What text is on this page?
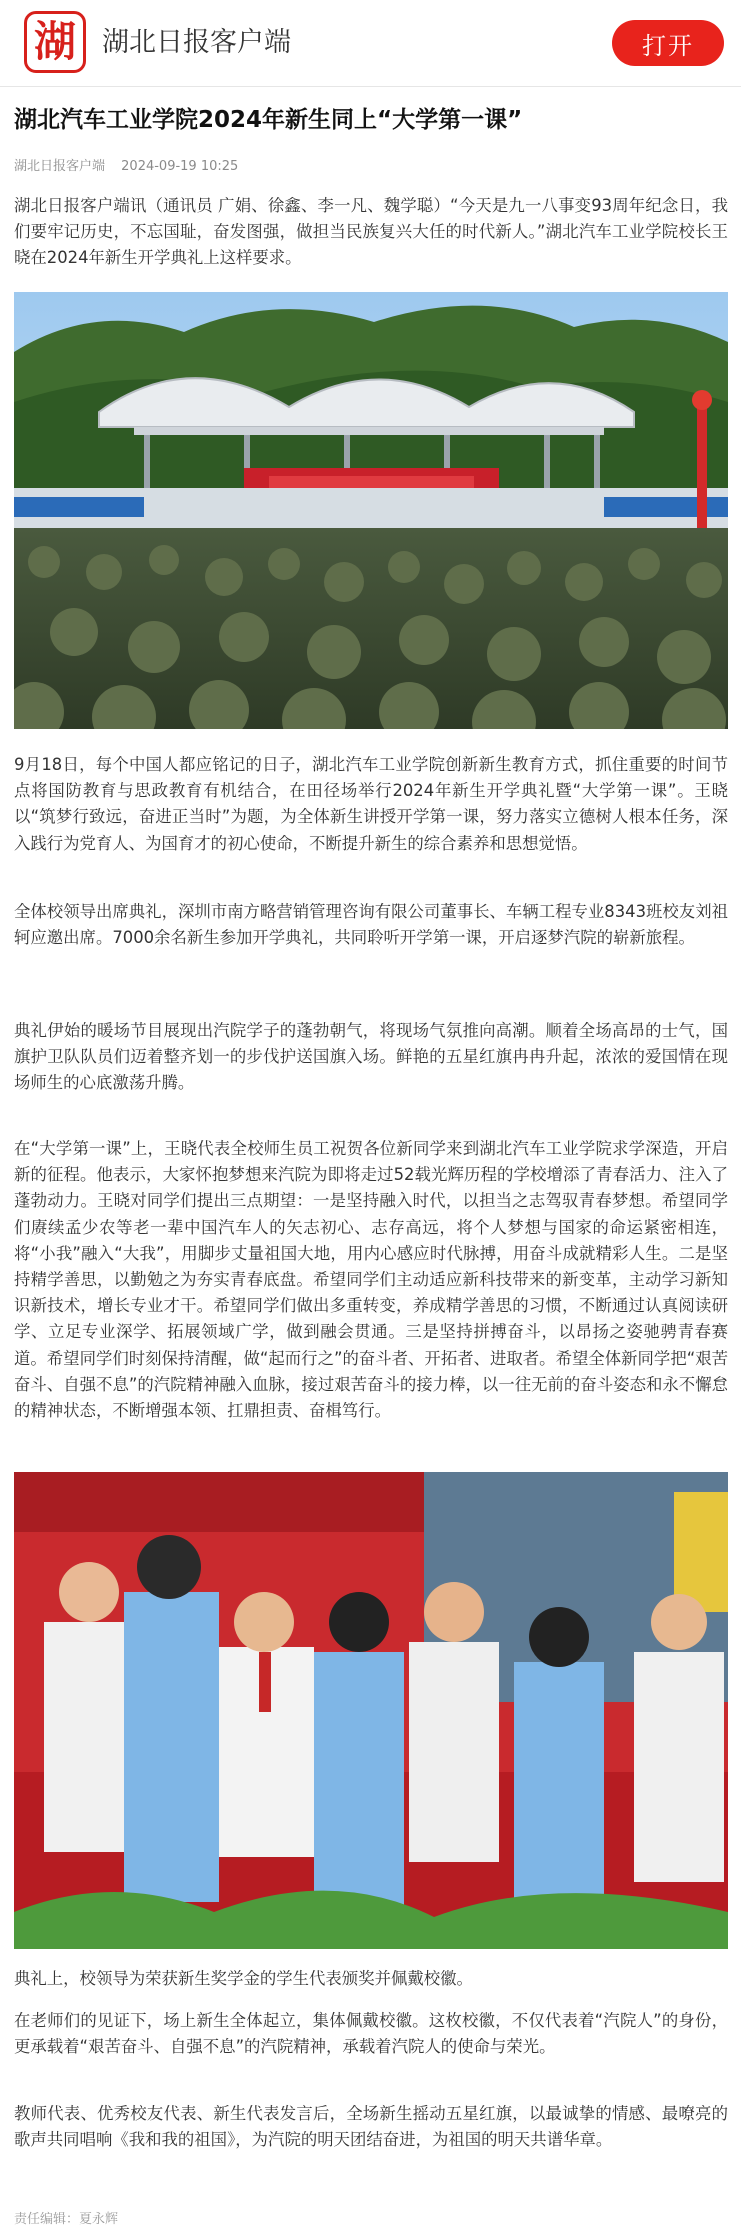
湖 湖北日报客户端	打开
湖北汽车工业学院2024年新生同上“大学第一课”
湖北日报客户端 2024-09-19 10:25

湖北日报客户端讯（通讯员 广娟、徐鑫、李一凡、魏学聪）“今天是九一八事变93周年纪念日，我们要牢记历史，不忘国耻，奋发图强，做担当民族复兴大任的时代新人。”湖北汽车工业学院校长王晓在2024年新生开学典礼上这样要求。

9月18日，每个中国人都应铭记的日子，湖北汽车工业学院创新新生教育方式，抓住重要的时间节点将国防教育与思政教育有机结合，在田径场举行2024年新生开学典礼暨“大学第一课”。王晓以“筑梦行致远，奋进正当时”为题，为全体新生讲授开学第一课，努力落实立德树人根本任务，深入践行为党育人、为国育才的初心使命，不断提升新生的综合素养和思想觉悟。

全体校领导出席典礼，深圳市南方略营销管理咨询有限公司董事长、车辆工程专业8343班校友刘祖轲应邀出席。7000余名新生参加开学典礼，共同聆听开学第一课，开启逐梦汽院的崭新旅程。

典礼伊始的暖场节目展现出汽院学子的蓬勃朝气，将现场气氛推向高潮。顺着全场高昂的士气，国旗护卫队队员们迈着整齐划一的步伐护送国旗入场。鲜艳的五星红旗冉冉升起，浓浓的爱国情在现场师生的心底激荡升腾。

在“大学第一课”上，王晓代表全校师生员工祝贺各位新同学来到湖北汽车工业学院求学深造，开启新的征程。他表示，大家怀抱梦想来汽院为即将走过52载光辉历程的学校增添了青春活力、注入了蓬勃动力。王晓对同学们提出三点期望：一是坚持融入时代，以担当之志驾驭青春梦想。希望同学们赓续孟少农等老一辈中国汽车人的矢志初心、志存高远，将个人梦想与国家的命运紧密相连，将“小我”融入“大我”，用脚步丈量祖国大地，用内心感应时代脉搏，用奋斗成就精彩人生。二是坚持精学善思，以勤勉之为夯实青春底盘。希望同学们主动适应新科技带来的新变革，主动学习新知识新技术，增长专业才干。希望同学们做出多重转变，养成精学善思的习惯，不断通过认真阅读研学、立足专业深学、拓展领域广学，做到融会贯通。三是坚持拼搏奋斗，以昂扬之姿驰骋青春赛道。希望同学们时刻保持清醒，做“起而行之”的奋斗者、开拓者、进取者。希望全体新同学把“艰苦奋斗、自强不息”的汽院精神融入血脉，接过艰苦奋斗的接力棒，以一往无前的奋斗姿态和永不懈怠的精神状态，不断增强本领、扛鼎担责、奋楫笃行。

典礼上，校领导为荣获新生奖学金的学生代表颁奖并佩戴校徽。

在老师们的见证下，场上新生全体起立，集体佩戴校徽。这枚校徽，不仅代表着“汽院人”的身份，更承载着“艰苦奋斗、自强不息”的汽院精神，承载着汽院人的使命与荣光。

教师代表、优秀校友代表、新生代表发言后，全场新生摇动五星红旗，以最诚挚的情感、最嘹亮的歌声共同唱响《我和我的祖国》，为汽院的明天团结奋进，为祖国的明天共谱华章。

责任编辑：夏永辉
